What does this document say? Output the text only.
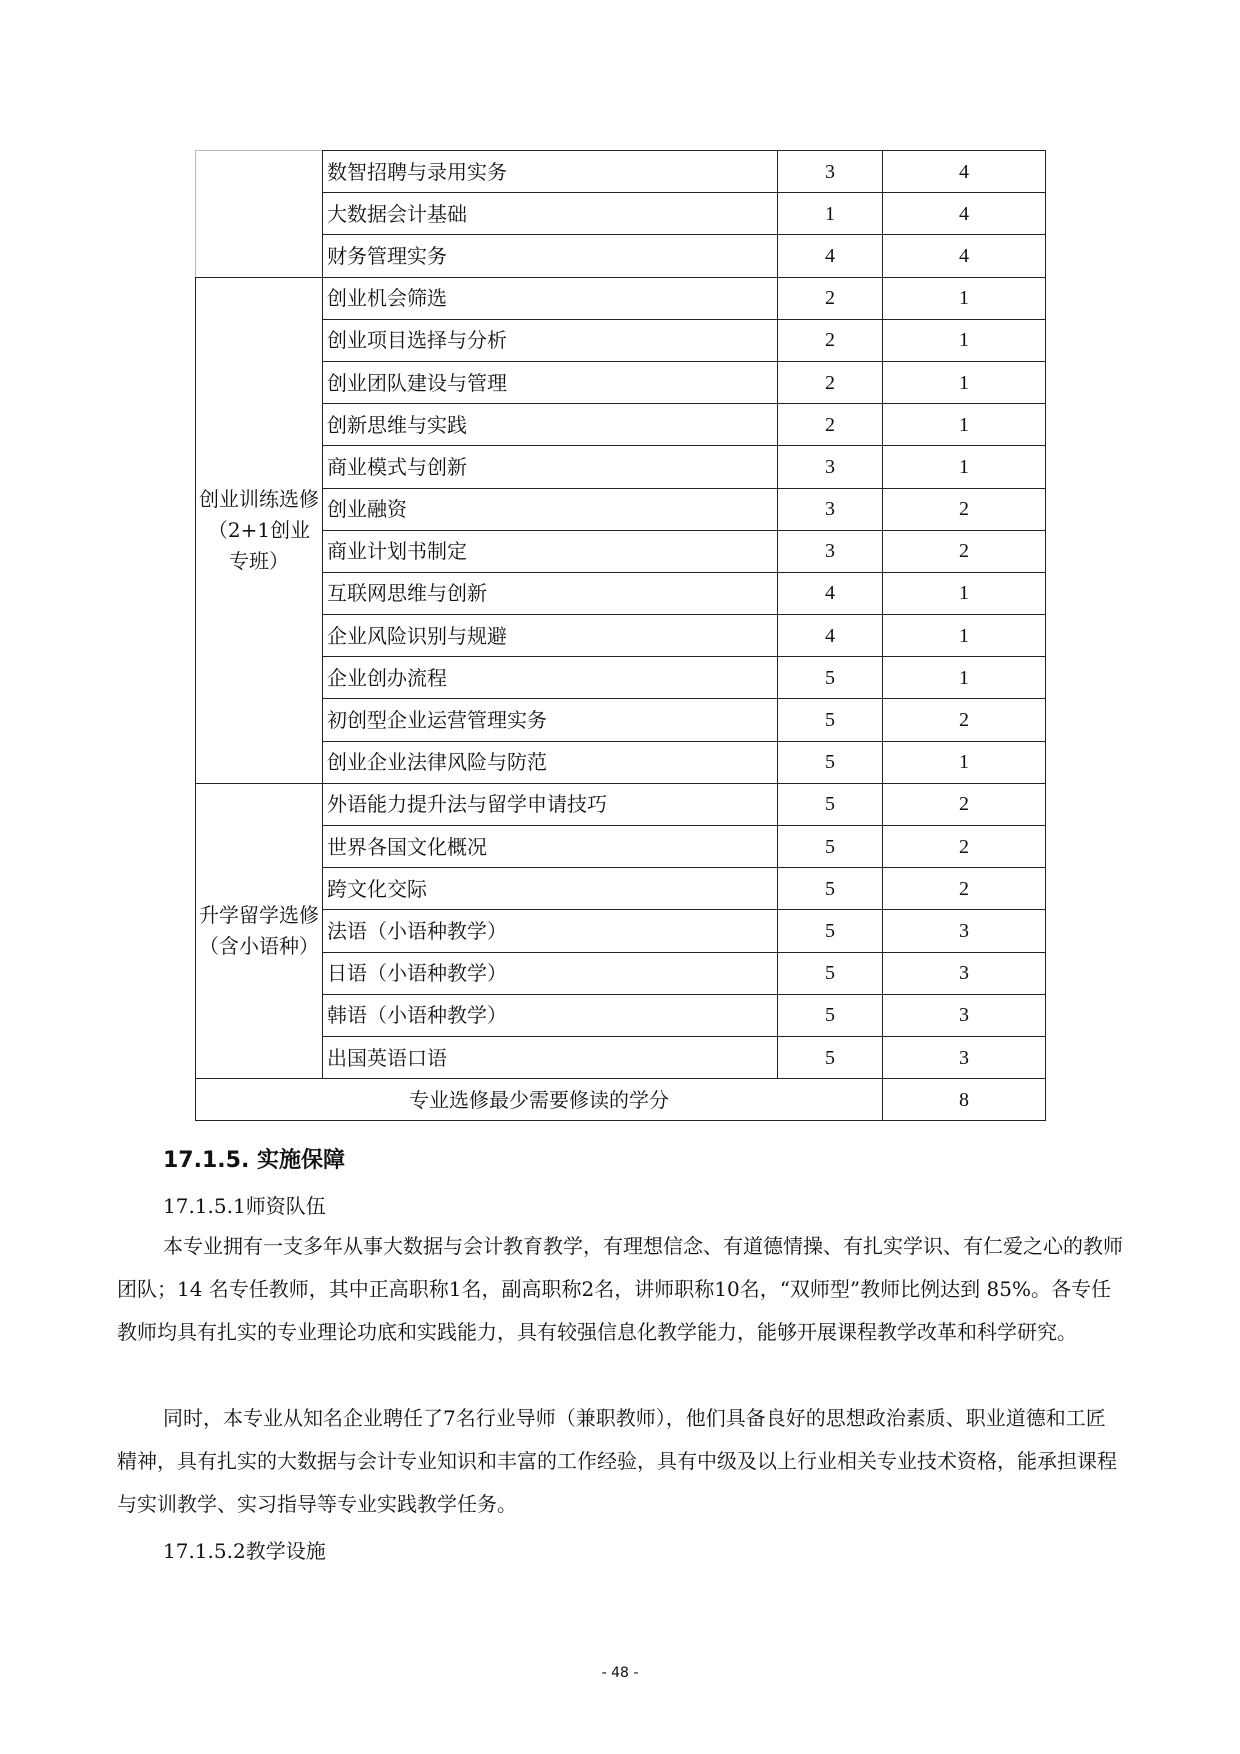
	数智招聘与录用实务	3	4
	大数据会计基础	1	4
	财务管理实务	4	4
创业训练选修（2+1创业专班）	创业机会筛选	2	1
	创业项目选择与分析	2	1
	创业团队建设与管理	2	1
	创新思维与实践	2	1
	商业模式与创新	3	1
	创业融资	3	2
	商业计划书制定	3	2
	互联网思维与创新	4	1
	企业风险识别与规避	4	1
	企业创办流程	5	1
	初创型企业运营管理实务	5	2
	创业企业法律风险与防范	5	1
升学留学选修（含小语种）	外语能力提升法与留学申请技巧	5	2
	世界各国文化概况	5	2
	跨文化交际	5	2
	法语（小语种教学）	5	3
	日语（小语种教学）	5	3
	韩语（小语种教学）	5	3
	出国英语口语	5	3
专业选修最少需要修读的学分			8
17.1.5. 实施保障

17.1.5.1师资队伍

本专业拥有一支多年从事大数据与会计教育教学，有理想信念、有道德情操、有扎实学识、有仁爱之心的教师团队；14 名专任教师，其中正高职称1名，副高职称2名，讲师职称10名，“双师型”教师比例达到 85%。各专任教师均具有扎实的专业理论功底和实践能力，具有较强信息化教学能力，能够开展课程教学改革和科学研究。

同时，本专业从知名企业聘任了7名行业导师（兼职教师），他们具备良好的思想政治素质、职业道德和工匠精神，具有扎实的大数据与会计专业知识和丰富的工作经验，具有中级及以上行业相关专业技术资格，能承担课程与实训教学、实习指导等专业实践教学任务。

17.1.5.2教学设施

- 48 -
